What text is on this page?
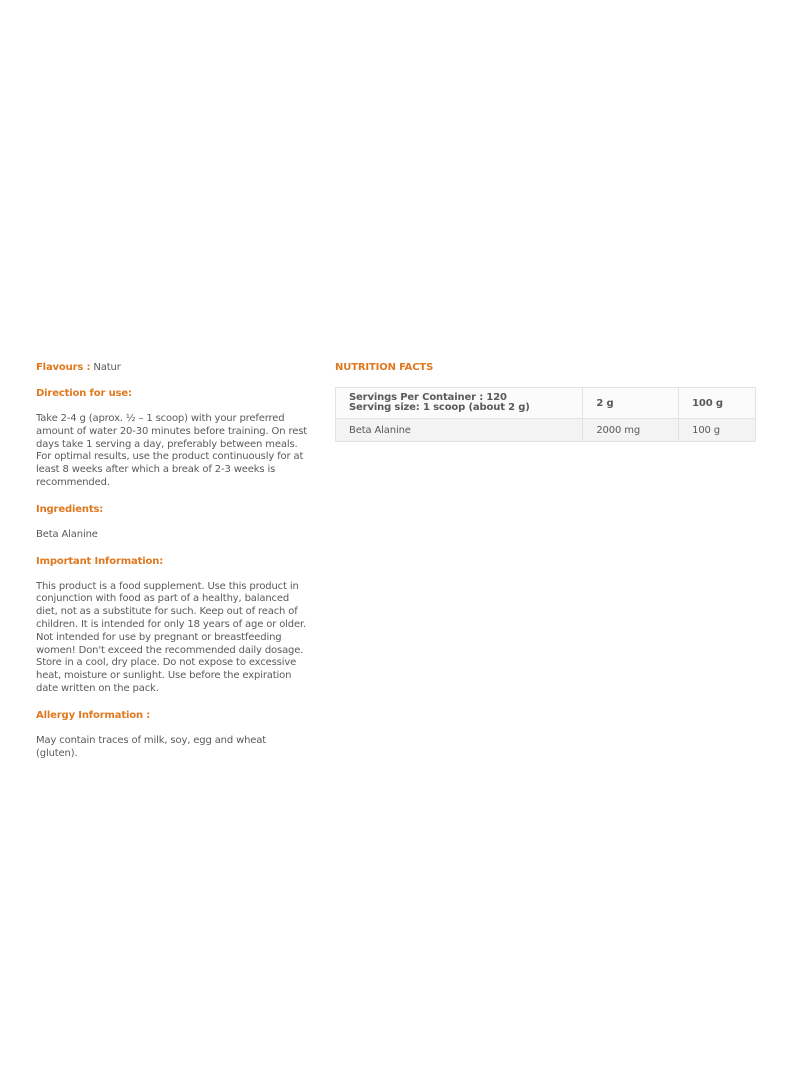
Flavours : Natur

Direction for use:

Take 2-4 g (aprox. ½ – 1 scoop) with your preferred amount of water 20-30 minutes before training. On rest days take 1 serving a day, preferably between meals. For optimal results, use the product continuously for at least 8 weeks after which a break of 2-3 weeks is recommended.

Ingredients:

Beta Alanine

Important Information:

This product is a food supplement. Use this product in conjunction with food as part of a healthy, balanced diet, not as a substitute for such. Keep out of reach of children. It is intended for only 18 years of age or older. Not intended for use by pregnant or breastfeeding women! Don't exceed the recommended daily dosage. Store in a cool, dry place. Do not expose to excessive heat, moisture or sunlight. Use before the expiration date written on the pack.

Allergy Information :

May contain traces of milk, soy, egg and wheat (gluten).

NUTRITION FACTS

Servings Per Container : 120
Serving size: 1 scoop (about 2 g)	2 g	100 g
Beta Alanine	2000 mg	100 g
